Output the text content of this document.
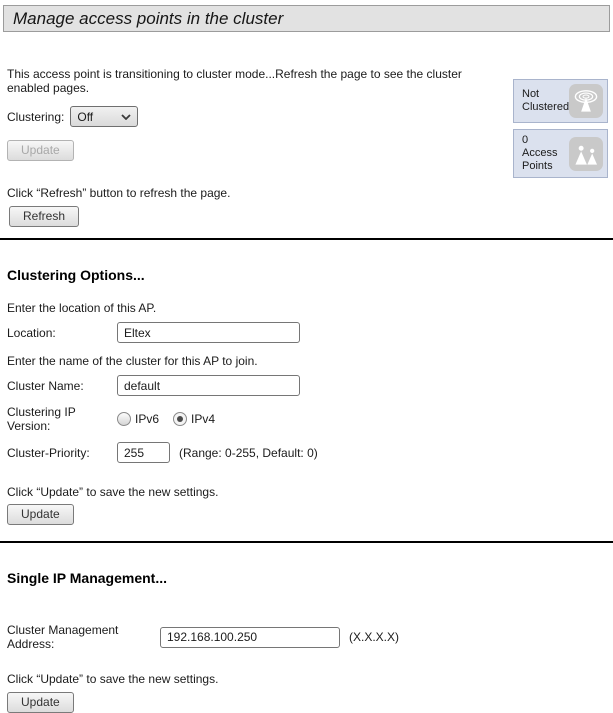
Manage access points in the cluster
Not
Clustered
0
Access
Points

This access point is transitioning to cluster mode...Refresh the page to see the cluster enabled pages.

Clustering: Off
Update

Click “Refresh” button to refresh the page.

Refresh
Clustering Options...

Enter the location of this AP.

Location:
Eltex

Enter the name of the cluster for this AP to join.

Cluster Name:
default
Clustering IP Version:	IPv6	IPv4
Cluster-Priority:
255	(Range: 0-255, Default: 0)

Click “Update” to save the new settings.

Update
Single IP Management...
Cluster Management Address:
192.168.100.250	(X.X.X.X)

Click “Update” to save the new settings.

Update
